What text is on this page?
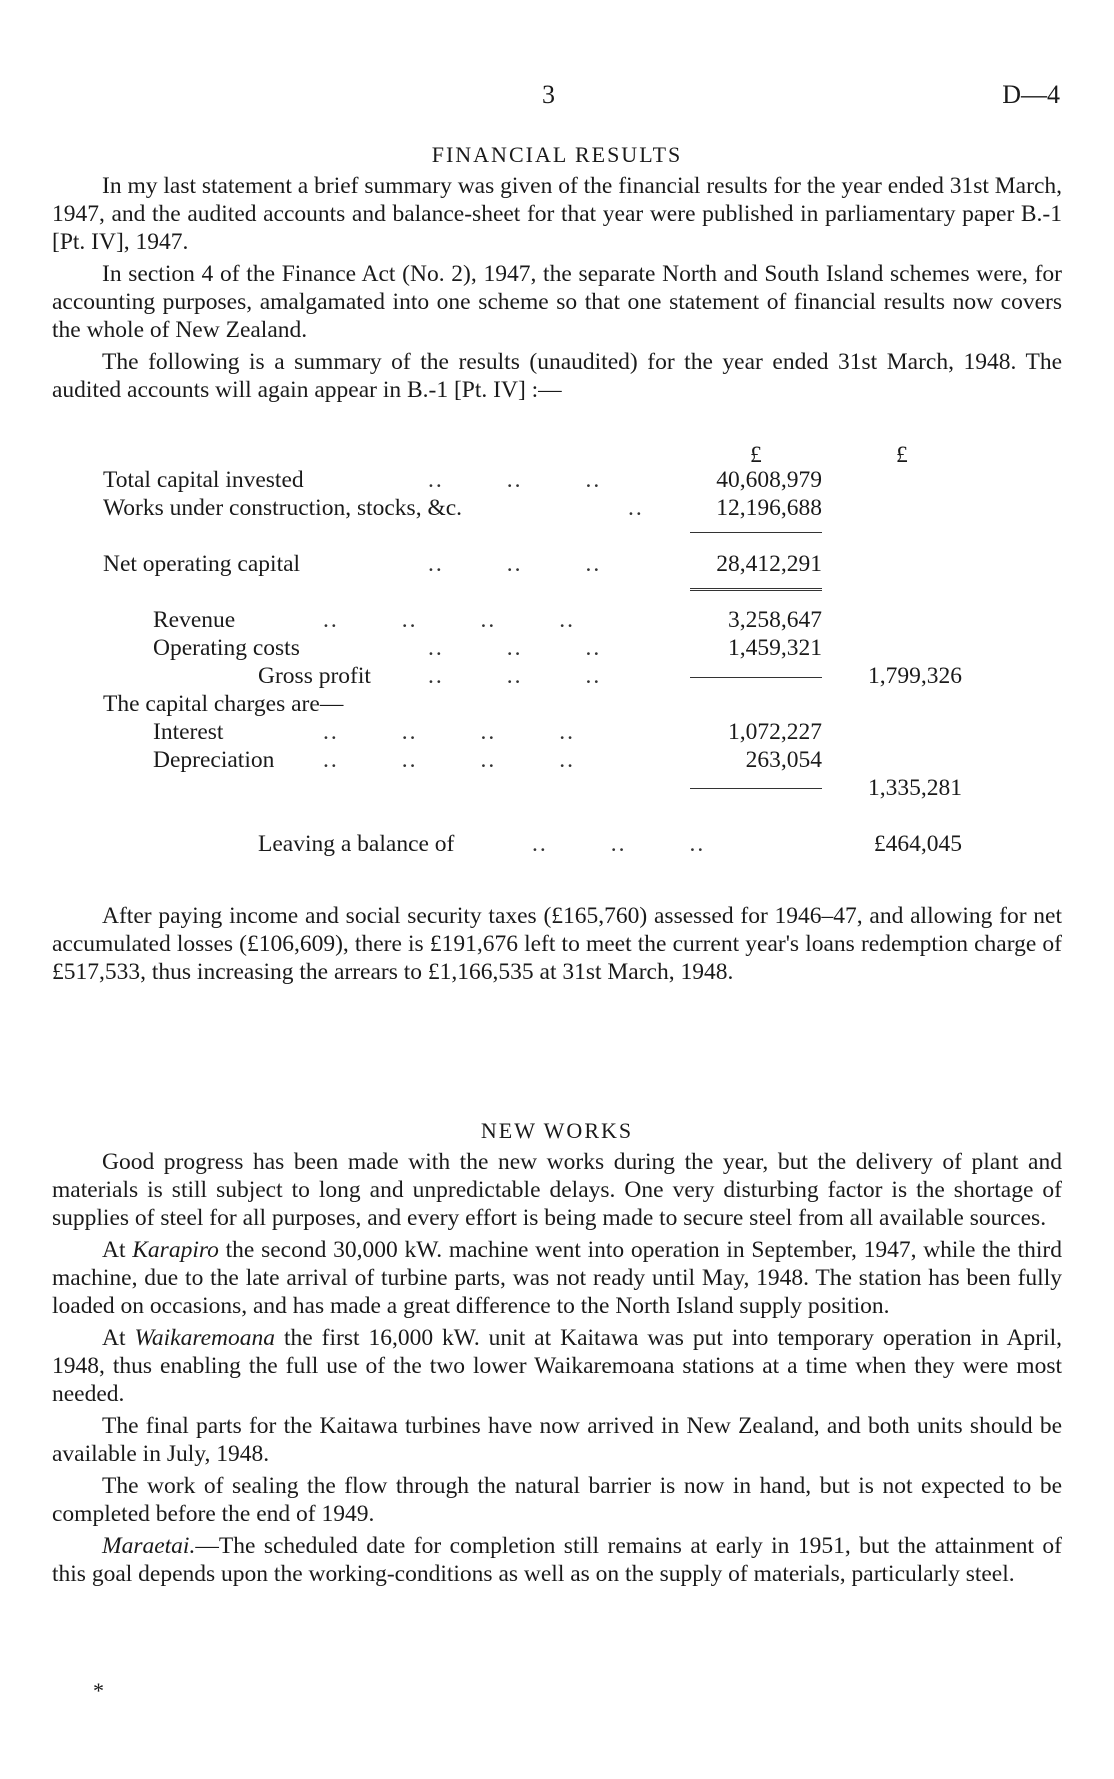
3	D—4
FINANCIAL RESULTS

In my last statement a brief summary was given of the financial results for the year ended 31st March, 1947, and the audited accounts and balance-sheet for that year were published in parliamentary paper B.-1 [Pt. IV], 1947.

In section 4 of the Finance Act (No. 2), 1947, the separate North and South Island schemes were, for accounting purposes, amalgamated into one scheme so that one statement of financial results now covers the whole of New Zealand.

The following is a summary of the results (unaudited) for the year ended 31st March, 1948. The audited accounts will again appear in B.-1 [Pt. IV] :—

£	£
Total capital invested	..        ..        ..	40,608,979
Works under construction, stocks, &c.	..	12,196,688
Net operating capital	..        ..        ..	28,412,291
Revenue	..        ..        ..        ..	3,258,647
Operating costs	..        ..        ..	1,459,321
Gross profit ..        ..        ..	1,799,326
The capital charges are—
Interest	..        ..        ..        ..	1,072,227
Depreciation ..        ..        ..        ..	263,054
1,335,281
Leaving a balance of	..        ..        ..	£464,045

After paying income and social security taxes (£165,760) assessed for 1946–47, and allowing for net accumulated losses (£106,609), there is £191,676 left to meet the current year's loans redemption charge of £517,533, thus increasing the arrears to £1,166,535 at 31st March, 1948.

NEW WORKS

Good progress has been made with the new works during the year, but the delivery of plant and materials is still subject to long and unpredictable delays. One very disturbing factor is the shortage of supplies of steel for all purposes, and every effort is being made to secure steel from all available sources.

At Karapiro the second 30,000 kW. machine went into operation in September, 1947, while the third machine, due to the late arrival of turbine parts, was not ready until May, 1948. The station has been fully loaded on occasions, and has made a great difference to the North Island supply position.

At Waikaremoana the first 16,000 kW. unit at Kaitawa was put into temporary operation in April, 1948, thus enabling the full use of the two lower Waikaremoana stations at a time when they were most needed.

The final parts for the Kaitawa turbines have now arrived in New Zealand, and both units should be available in July, 1948.

The work of sealing the flow through the natural barrier is now in hand, but is not expected to be completed before the end of 1949.

Maraetai.—The scheduled date for completion still remains at early in 1951, but the attainment of this goal depends upon the working-conditions as well as on the supply of materials, particularly steel.

*
